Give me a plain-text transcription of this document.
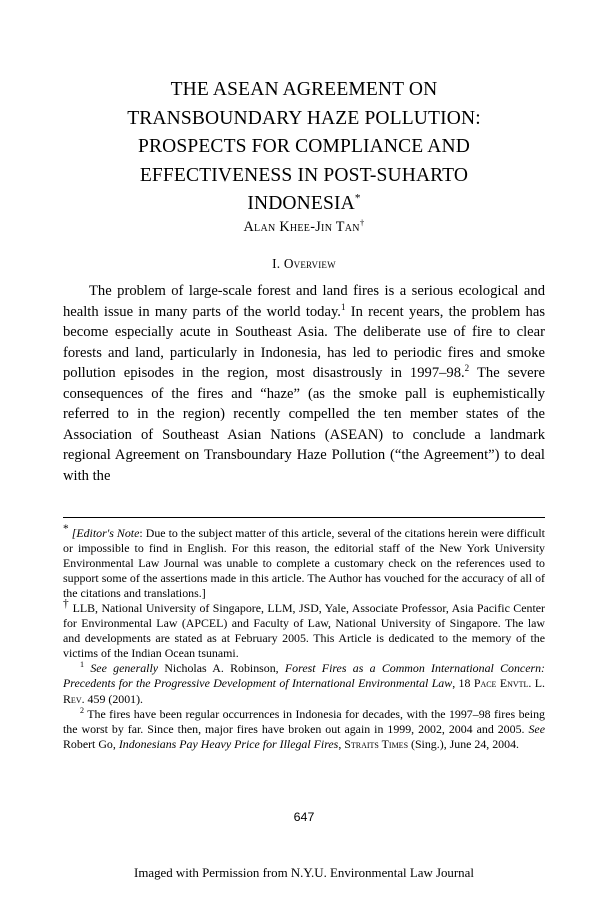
THE ASEAN AGREEMENT ON
TRANSBOUNDARY HAZE POLLUTION:
PROSPECTS FOR COMPLIANCE AND
EFFECTIVENESS IN POST-SUHARTO
INDONESIA*
Alan Khee-Jin Tan†
I. Overview
The problem of large-scale forest and land fires is a serious ecological and health issue in many parts of the world today.$^1$ In recent years, the problem has become especially acute in Southeast Asia. The deliberate use of fire to clear forests and land, particularly in Indonesia, has led to periodic fires and smoke pollution episodes in the region, most disastrously in 1997–98.$^2$ The severe consequences of the fires and “haze” (as the smoke pall is euphemistically referred to in the region) recently compelled the ten member states of the Association of Southeast Asian Nations (ASEAN) to conclude a landmark regional Agreement on Transboundary Haze Pollution (“the Agreement”) to deal with the

* [Editor's Note: Due to the subject matter of this article, several of the citations herein were difficult or impossible to find in English. For this reason, the editorial staff of the New York University Environmental Law Journal was unable to complete a customary check on the references used to support some of the assertions made in this article. The Author has vouched for the accuracy of all of the citations and translations.]

† LLB, National University of Singapore, LLM, JSD, Yale, Associate Professor, Asia Pacific Center for Environmental Law (APCEL) and Faculty of Law, National University of Singapore. The law and developments are stated as at February 2005. This Article is dedicated to the memory of the victims of the Indian Ocean tsunami.

$^1$ See generally Nicholas A. Robinson, Forest Fires as a Common International Concern: Precedents for the Progressive Development of International Environmental Law, 18 Pace Envtl. L. Rev. 459 (2001).

$^2$ The fires have been regular occurrences in Indonesia for decades, with the 1997–98 fires being the worst by far. Since then, major fires have broken out again in 1999, 2002, 2004 and 2005. See Robert Go, Indonesians Pay Heavy Price for Illegal Fires, Straits Times (Sing.), June 24, 2004.

647
Imaged with Permission from N.Y.U. Environmental Law Journal
